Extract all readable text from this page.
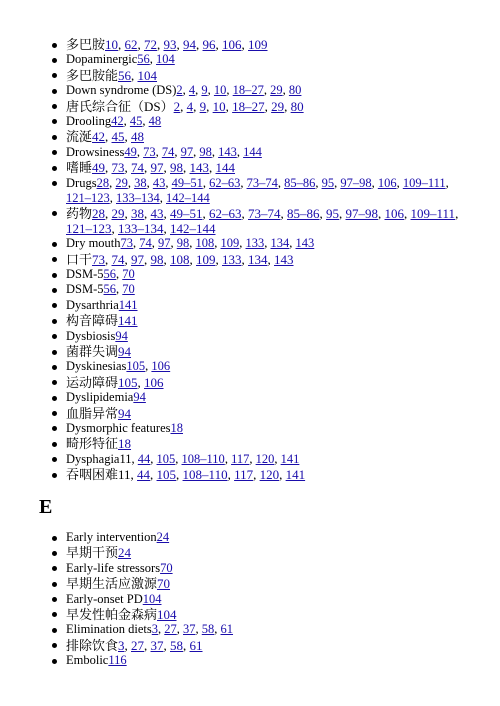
多巴胺10, 62, 72, 93, 94, 96, 106, 109
Dopaminergic56, 104
多巴胺能56, 104
Down syndrome (DS)2, 4, 9, 10, 18–27, 29, 80
唐氏综合征（DS）2, 4, 9, 10, 18–27, 29, 80
Drooling42, 45, 48
流涎42, 45, 48
Drowsiness49, 73, 74, 97, 98, 143, 144
嗜睡49, 73, 74, 97, 98, 143, 144
Drugs28, 29, 38, 43, 49–51, 62–63, 73–74, 85–86, 95, 97–98, 106, 109–111, 121–123, 133–134, 142–144
药物28, 29, 38, 43, 49–51, 62–63, 73–74, 85–86, 95, 97–98, 106, 109–111, 121–123, 133–134, 142–144
Dry mouth73, 74, 97, 98, 108, 109, 133, 134, 143
口干73, 74, 97, 98, 108, 109, 133, 134, 143
DSM-556, 70
DSM-556, 70
Dysarthria141
构音障碍141
Dysbiosis94
菌群失调94
Dyskinesias105, 106
运动障碍105, 106
Dyslipidemia94
血脂异常94
Dysmorphic features18
畸形特征18
Dysphagia11, 44, 105, 108–110, 117, 120, 141
吞咽困难11, 44, 105, 108–110, 117, 120, 141
E
Early intervention24
早期干预24
Early-life stressors70
早期生活应激源70
Early-onset PD104
早发性帕金森病104
Elimination diets3, 27, 37, 58, 61
排除饮食3, 27, 37, 58, 61
Embolic116
